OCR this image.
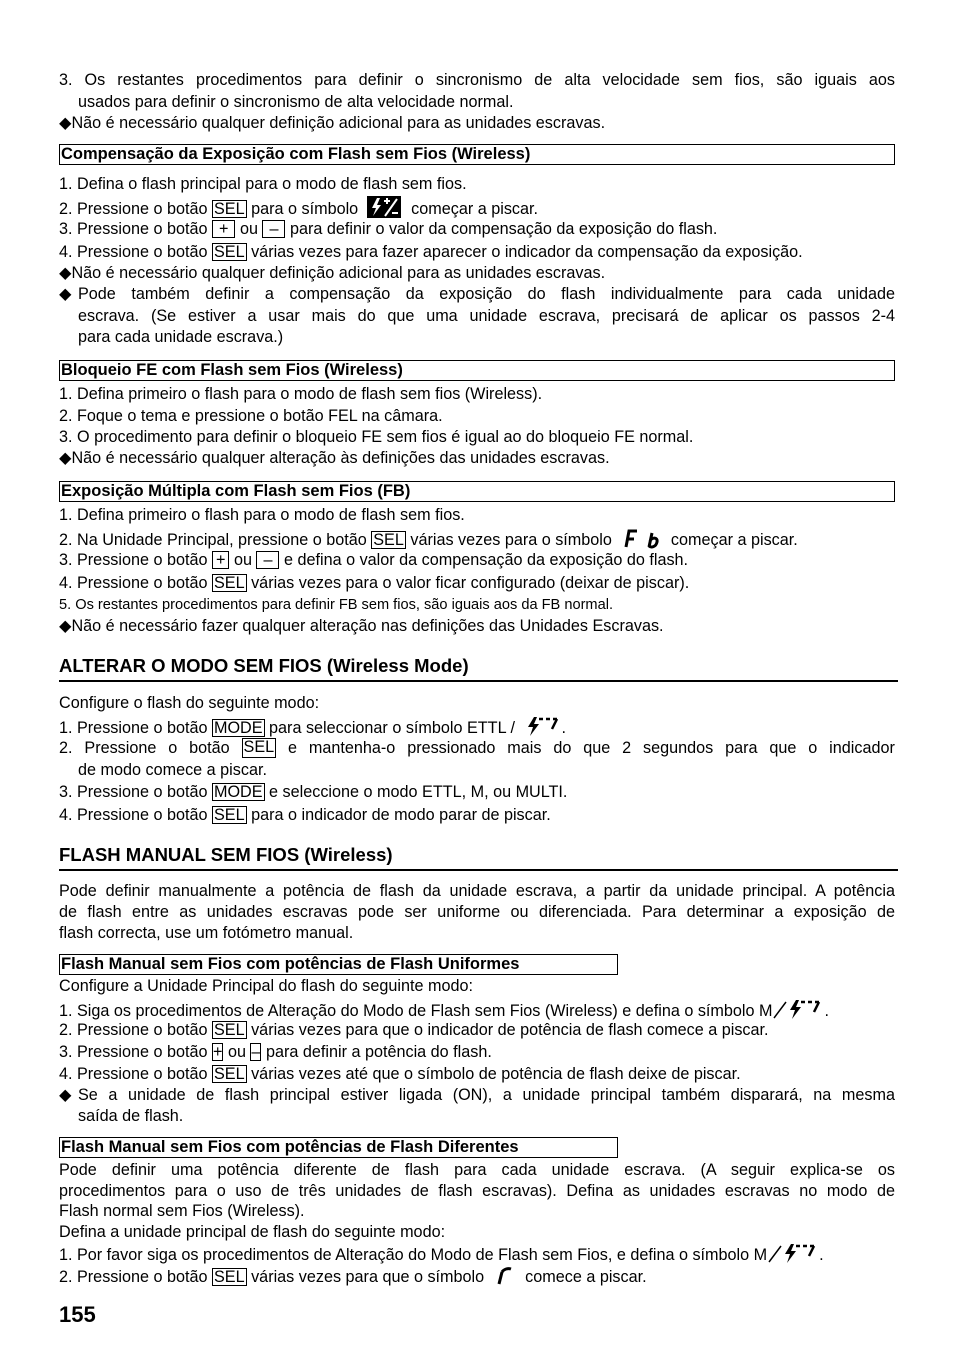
3. Os restantes procedimentos para definir o sincronismo de alta velocidade sem fios, são iguais aos
usados para definir o sincronismo de alta velocidade normal.
◆Não é necessário qualquer definição adicional para as unidades escravas.
Compensação da Exposição com Flash sem Fios (Wireless)
1. Defina o flash principal para o modo de flash sem fios.
2. Pressione o botão SEL para o símbolo	começar a piscar.
3. Pressione o botão + ou – para definir o valor da compensação da exposição do flash.
4. Pressione o botão SEL várias vezes para fazer aparecer o indicador da compensação da exposição.
◆Não é necessário qualquer definição adicional para as unidades escravas.
◆ Pode também definir a compensação da exposição do flash individualmente para cada unidade
escrava. (Se estiver a usar mais do que uma unidade escrava, precisará de aplicar os passos 2-4
para cada unidade escrava.)
Bloqueio FE com Flash sem Fios (Wireless)
1. Defina primeiro o flash para o modo de flash sem fios (Wireless).
2. Foque o tema e pressione o botão FEL na câmara.
3. O procedimento para definir o bloqueio FE sem fios é igual ao do bloqueio FE normal.
◆Não é necessário qualquer alteração às definições das unidades escravas.
Exposição Múltipla com Flash sem Fios (FB)
1. Defina primeiro o flash para o modo de flash sem fios.
2. Na Unidade Principal, pressione o botão SEL várias vezes para o símbolo	começar a piscar.
3. Pressione o botão + ou – e defina o valor da compensação da exposição do flash.
4. Pressione o botão SEL várias vezes para o valor ficar configurado (deixar de piscar).
5. Os restantes procedimentos para definir FB sem fios, são iguais aos da FB normal.
◆Não é necessário fazer qualquer alteração nas definições das Unidades Escravas.
ALTERAR O MODO SEM FIOS (Wireless Mode)
Configure o flash do seguinte modo:
1. Pressione o botão MODE para seleccionar o símbolo ETTL /	.
2. Pressione o botão SEL e mantenha-o pressionado mais do que 2 segundos para que o indicador
de modo comece a piscar.
3. Pressione o botão MODE e seleccione o modo ETTL, M, ou MULTI.
4. Pressione o botão SEL para o indicador de modo parar de piscar.
FLASH MANUAL SEM FIOS (Wireless)
Pode definir manualmente a potência de flash da unidade escrava, a partir da unidade principal. A potência
de flash entre as unidades escravas pode ser uniforme ou diferenciada. Para determinar a exposição de
flash correcta, use um fotómetro manual.
Flash Manual sem Fios com potências de Flash Uniformes
Configure a Unidade Principal do flash do seguinte modo:
1. Siga os procedimentos de Alteração do Modo de Flash sem Fios (Wireless) e defina o símbolo M	.
2. Pressione o botão SEL várias vezes para que o indicador de potência de flash comece a piscar.
3. Pressione o botão + ou – para definir a potência do flash.
4. Pressione o botão SEL várias vezes até que o símbolo de potência de flash deixe de piscar.
◆ Se a unidade de flash principal estiver ligada (ON), a unidade principal também disparará, na mesma
saída de flash.
Flash Manual sem Fios com potências de Flash Diferentes
Pode definir uma potência diferente de flash para cada unidade escrava. (A seguir explica-se os
procedimentos para o uso de três unidades de flash escravas). Defina as unidades escravas no modo de
Flash normal sem Fios (Wireless).
Defina a unidade principal de flash do seguinte modo:
1. Por favor siga os procedimentos de Alteração do Modo de Flash sem Fios, e defina o símbolo M	.
2. Pressione o botão SEL várias vezes para que o símbolo  comece a piscar.
155
